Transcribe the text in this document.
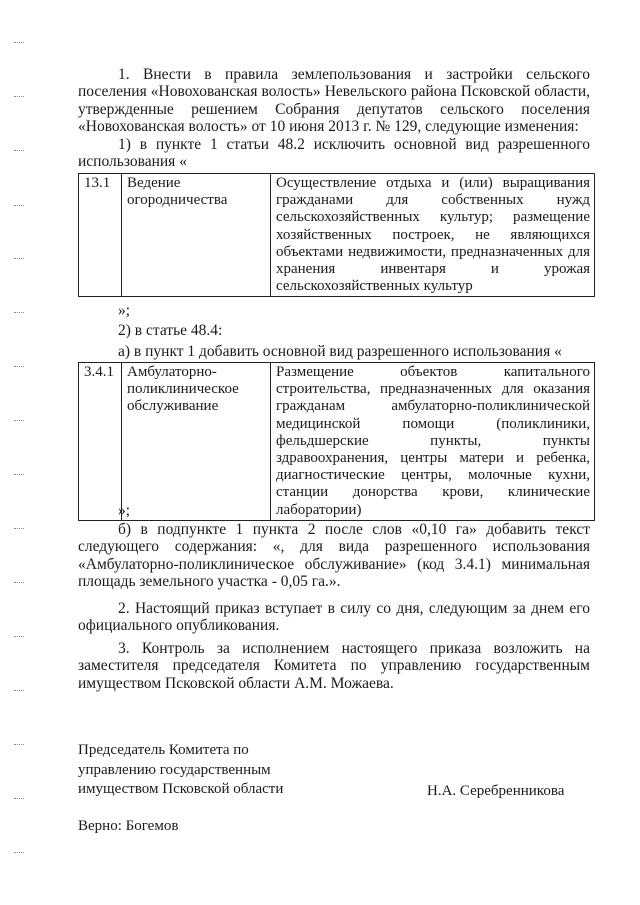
1. Внести в правила землепользования и застройки сельского поселения «Новохованская волость» Невельского района Псковской области, утвержденные решением Собрания депутатов сельского поселения «Новохованская волость» от 10 июня 2013 г. № 129, следующие изменения:

1) в пункте 1 статьи 48.2 исключить основной вид разрешенного использования «

13.1	Ведение огородничества	Осуществление отдыха и (или) выращивания гражданами для собственных нужд сельскохозяйственных культур; размещение хозяйственных построек, не являющихся объектами недвижимости, предназначенных для хранения инвентаря и урожая сельскохозяйственных культур
»;
2) в статье 48.4:
а) в пункт 1 добавить основной вид разрешенного использования «
3.4.1	Амбулаторно-поликлиническое обслуживание	Размещение объектов капитального строительства, предназначенных для оказания гражданам амбулаторно-поликлинической медицинской помощи (поликлиники, фельдшерские пункты, пункты здравоохранения, центры матери и ребенка, диагностические центры, молочные кухни, станции донорства крови, клинические лаборатории)
»;

б) в подпункте 1 пункта 2 после слов «0,10 га» добавить текст следующего содержания: «, для вида разрешенного использования «Амбулаторно-поликлиническое обслуживание» (код 3.4.1) минимальная площадь земельного участка - 0,05 га.».

2. Настоящий приказ вступает в силу со дня, следующим за днем его официального опубликования.

3. Контроль за исполнением настоящего приказа возложить на заместителя председателя Комитета по управлению государственным имуществом Псковской области А.М. Можаева.

Председатель Комитета по
управлению государственным
имуществом Псковской области	Н.А. Серебренникова
Верно: Богемов
